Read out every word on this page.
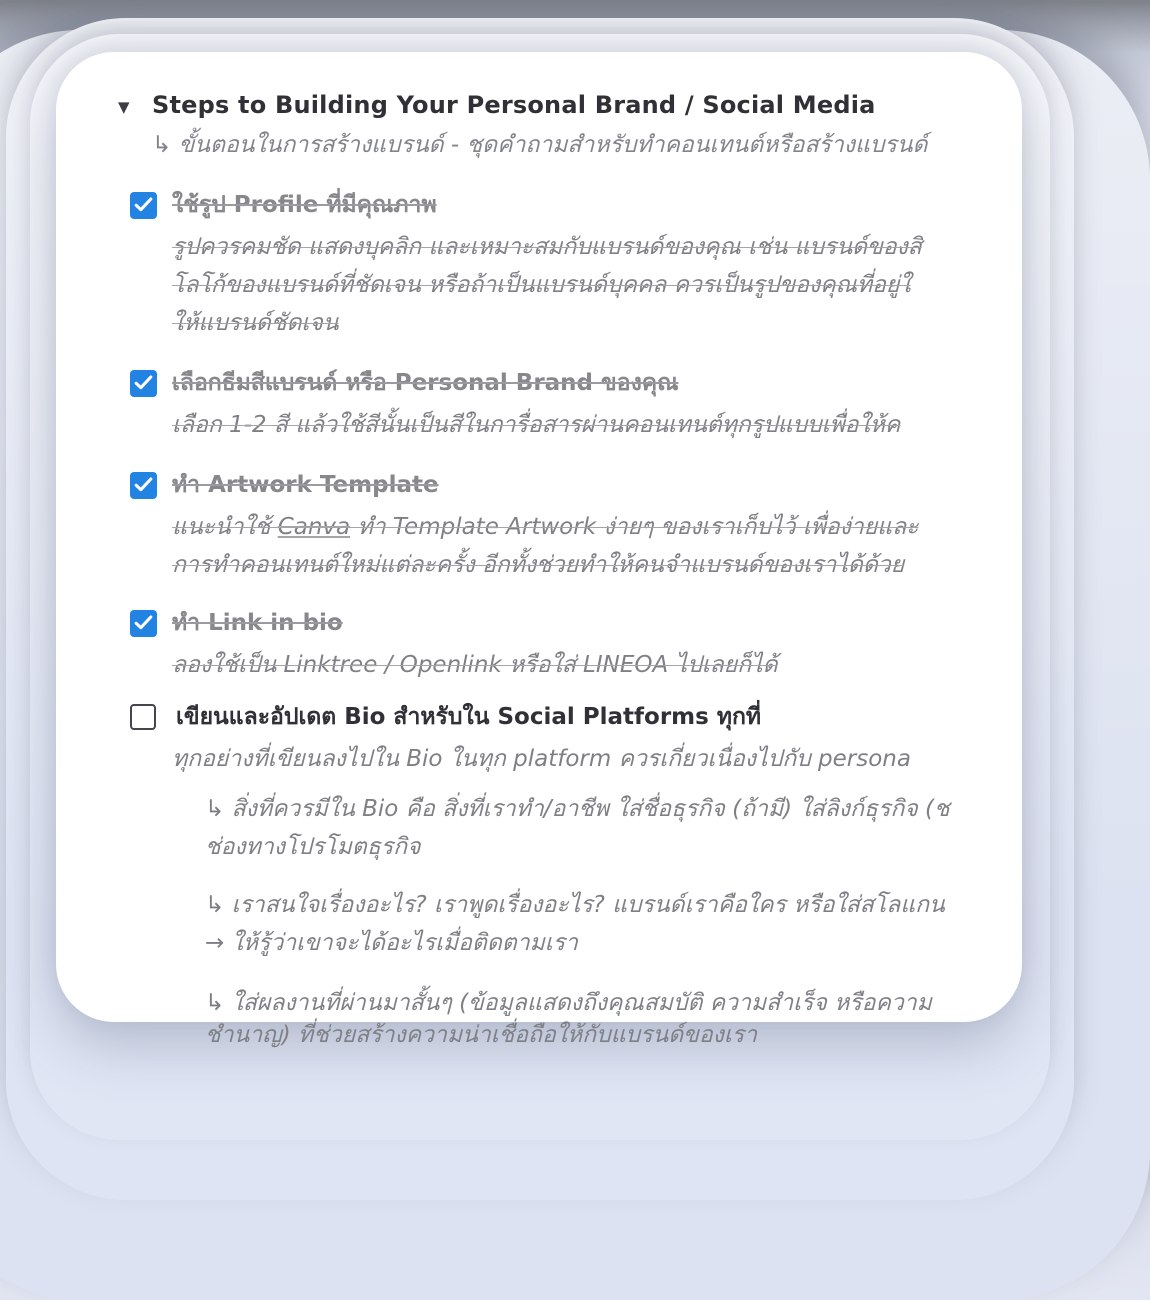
▼ Steps to Building Your Personal Brand / Social Media
↳ ขั้นตอนในการสร้างแบรนด์ - ชุดคำถามสำหรับทำคอนเทนต์หรือสร้างแบรนด์
ใช้รูป Profile ที่มีคุณภาพ
รูปควรคมชัด แสดงบุคลิก และเหมาะสมกับแบรนด์ของคุณ เช่น แบรนด์ของสิ
โลโก้ของแบรนด์ที่ชัดเจน หรือถ้าเป็นแบรนด์บุคคล ควรเป็นรูปของคุณที่อยู่ใ
ให้แบรนด์ชัดเจน
เลือกธีมสีแบรนด์ หรือ Personal Brand ของคุณ
เลือก 1-2 สี แล้วใช้สีนั้นเป็นสีในการื่อสารผ่านคอนเทนต์ทุกรูปแบบเพื่อให้ค
ทำ Artwork Template
แนะนำใช้ Canva ทำ Template Artwork ง่ายๆ ของเราเก็บไว้ เพื่อง่ายและ
การทำคอนเทนต์ใหม่แต่ละครั้ง อีกทั้งช่วยทำให้คนจำแบรนด์ของเราได้ด้วย
ทำ Link in bio
ลองใช้เป็น Linktree / Openlink หรือใส่ LINEOA ไปเลยก็ได้
เขียนและอัปเดต Bio สำหรับใน Social Platforms ทุกที่
ทุกอย่างที่เขียนลงไปใน Bio ในทุก platform ควรเกี่ยวเนื่องไปกับ persona
↳ สิ่งที่ควรมีใน Bio คือ สิ่งที่เราทำ/อาชีพ ใส่ชื่อธุรกิจ (ถ้ามี) ใส่ลิงก์ธุรกิจ (ช
ช่องทางโปรโมตธุรกิจ
↳ เราสนใจเรื่องอะไร? เราพูดเรื่องอะไร? แบรนด์เราคือใคร หรือใส่สโลแกน
→ ให้รู้ว่าเขาจะได้อะไรเมื่อติดตามเรา
↳ ใส่ผลงานที่ผ่านมาสั้นๆ (ข้อมูลแสดงถึงคุณสมบัติ ความสำเร็จ หรือความ
ชำนาญ) ที่ช่วยสร้างความน่าเชื่อถือให้กับแบรนด์ของเรา
